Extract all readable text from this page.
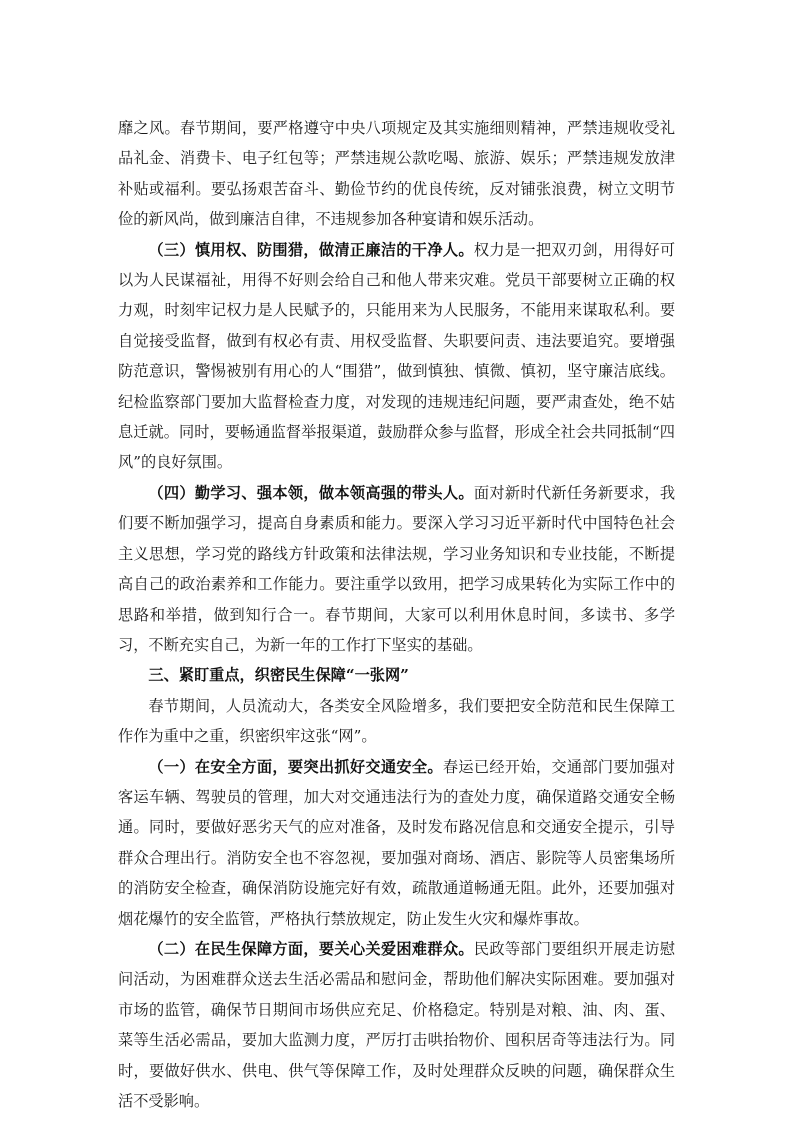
靡之风。春节期间，要严格遵守中央八项规定及其实施细则精神，严禁违规收受礼品礼金、消费卡、电子红包等；严禁违规公款吃喝、旅游、娱乐；严禁违规发放津补贴或福利。要弘扬艰苦奋斗、勤俭节约的优良传统，反对铺张浪费，树立文明节俭的新风尚，做到廉洁自律，不违规参加各种宴请和娱乐活动。

（三）慎用权、防围猎，做清正廉洁的干净人。权力是一把双刃剑，用得好可以为人民谋福祉，用得不好则会给自己和他人带来灾难。党员干部要树立正确的权力观，时刻牢记权力是人民赋予的，只能用来为人民服务，不能用来谋取私利。要自觉接受监督，做到有权必有责、用权受监督、失职要问责、违法要追究。要增强防范意识，警惕被别有用心的人“围猎”，做到慎独、慎微、慎初，坚守廉洁底线。纪检监察部门要加大监督检查力度，对发现的违规违纪问题，要严肃查处，绝不姑息迁就。同时，要畅通监督举报渠道，鼓励群众参与监督，形成全社会共同抵制“四风”的良好氛围。

（四）勤学习、强本领，做本领高强的带头人。面对新时代新任务新要求，我们要不断加强学习，提高自身素质和能力。要深入学习习近平新时代中国特色社会主义思想，学习党的路线方针政策和法律法规，学习业务知识和专业技能，不断提高自己的政治素养和工作能力。要注重学以致用，把学习成果转化为实际工作中的思路和举措，做到知行合一。春节期间，大家可以利用休息时间，多读书、多学习，不断充实自己，为新一年的工作打下坚实的基础。

三、紧盯重点，织密民生保障“一张网”

春节期间，人员流动大，各类安全风险增多，我们要把安全防范和民生保障工作作为重中之重，织密织牢这张“网”。

（一）在安全方面，要突出抓好交通安全。春运已经开始，交通部门要加强对客运车辆、驾驶员的管理，加大对交通违法行为的查处力度，确保道路交通安全畅通。同时，要做好恶劣天气的应对准备，及时发布路况信息和交通安全提示，引导群众合理出行。消防安全也不容忽视，要加强对商场、酒店、影院等人员密集场所的消防安全检查，确保消防设施完好有效，疏散通道畅通无阻。此外，还要加强对烟花爆竹的安全监管，严格执行禁放规定，防止发生火灾和爆炸事故。

（二）在民生保障方面，要关心关爱困难群众。民政等部门要组织开展走访慰问活动，为困难群众送去生活必需品和慰问金，帮助他们解决实际困难。要加强对市场的监管，确保节日期间市场供应充足、价格稳定。特别是对粮、油、肉、蛋、菜等生活必需品，要加大监测力度，严厉打击哄抬物价、囤积居奇等违法行为。同时，要做好供水、供电、供气等保障工作，及时处理群众反映的问题，确保群众生活不受影响。
